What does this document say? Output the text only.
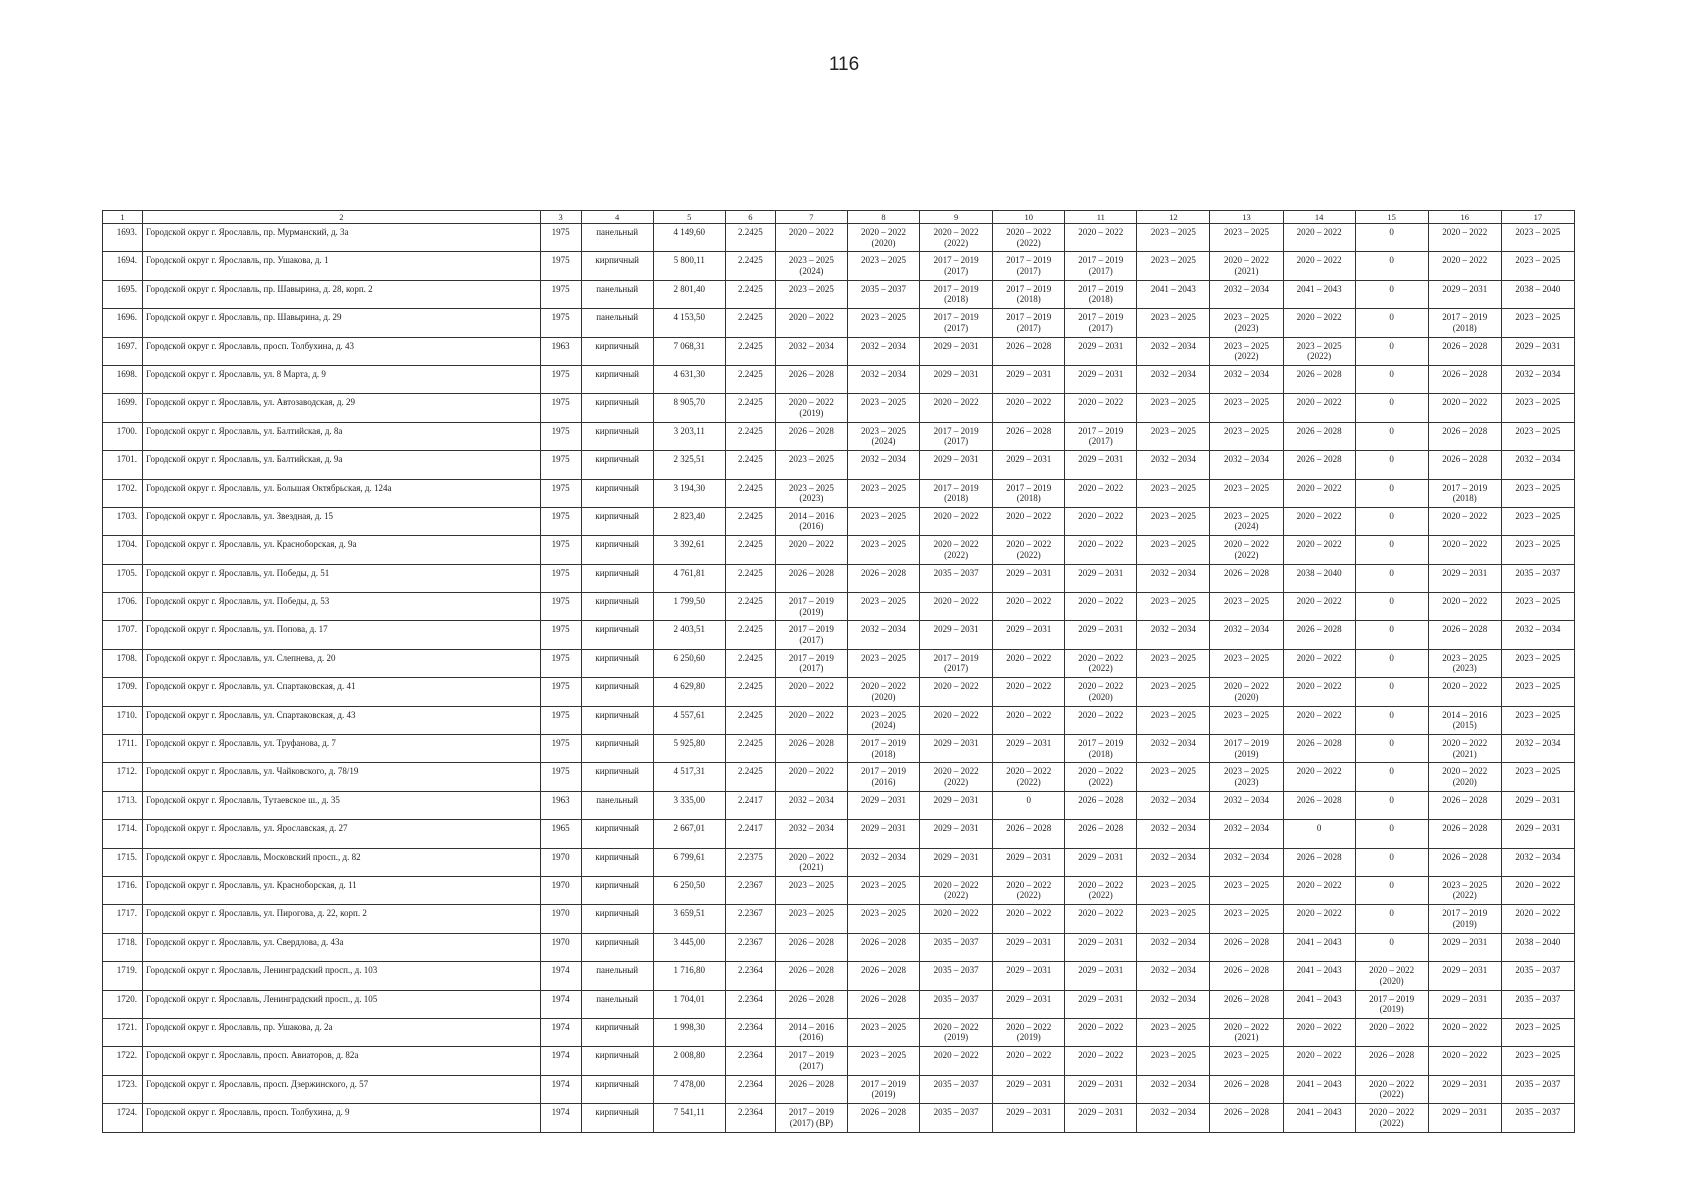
116
1	2	3	4	5	6	7	8	9	10	11	12	13	14	15	16	17
1693.	Городской округ г. Ярославль, пр. Мурманский, д. 3а	1975	панельный	4 149,60	2.2425	2020 – 2022	2020 – 2022
(2020)	2020 – 2022
(2022)	2020 – 2022
(2022)	2020 – 2022	2023 – 2025	2023 – 2025	2020 – 2022	0	2020 – 2022	2023 – 2025
1694.	Городской округ г. Ярославль, пр. Ушакова, д. 1	1975	кирпичный	5 800,11	2.2425	2023 – 2025
(2024)	2023 – 2025	2017 – 2019
(2017)	2017 – 2019
(2017)	2017 – 2019
(2017)	2023 – 2025	2020 – 2022
(2021)	2020 – 2022	0	2020 – 2022	2023 – 2025
1695.	Городской округ г. Ярославль, пр. Шавырина, д. 28, корп. 2	1975	панельный	2 801,40	2.2425	2023 – 2025	2035 – 2037	2017 – 2019
(2018)	2017 – 2019
(2018)	2017 – 2019
(2018)	2041 – 2043	2032 – 2034	2041 – 2043	0	2029 – 2031	2038 – 2040
1696.	Городской округ г. Ярославль, пр. Шавырина, д. 29	1975	панельный	4 153,50	2.2425	2020 – 2022	2023 – 2025	2017 – 2019
(2017)	2017 – 2019
(2017)	2017 – 2019
(2017)	2023 – 2025	2023 – 2025
(2023)	2020 – 2022	0	2017 – 2019
(2018)	2023 – 2025
1697.	Городской округ г. Ярославль, просп. Толбухина, д. 43	1963	кирпичный	7 068,31	2.2425	2032 – 2034	2032 – 2034	2029 – 2031	2026 – 2028	2029 – 2031	2032 – 2034	2023 – 2025
(2022)	2023 – 2025
(2022)	0	2026 – 2028	2029 – 2031
1698.	Городской округ г. Ярославль, ул. 8 Марта, д. 9	1975	кирпичный	4 631,30	2.2425	2026 – 2028	2032 – 2034	2029 – 2031	2029 – 2031	2029 – 2031	2032 – 2034	2032 – 2034	2026 – 2028	0	2026 – 2028	2032 – 2034
1699.	Городской округ г. Ярославль, ул. Автозаводская, д. 29	1975	кирпичный	8 905,70	2.2425	2020 – 2022
(2019)	2023 – 2025	2020 – 2022	2020 – 2022	2020 – 2022	2023 – 2025	2023 – 2025	2020 – 2022	0	2020 – 2022	2023 – 2025
1700.	Городской округ г. Ярославль, ул. Балтийская, д. 8а	1975	кирпичный	3 203,11	2.2425	2026 – 2028	2023 – 2025
(2024)	2017 – 2019
(2017)	2026 – 2028	2017 – 2019
(2017)	2023 – 2025	2023 – 2025	2026 – 2028	0	2026 – 2028	2023 – 2025
1701.	Городской округ г. Ярославль, ул. Балтийская, д. 9а	1975	кирпичный	2 325,51	2.2425	2023 – 2025	2032 – 2034	2029 – 2031	2029 – 2031	2029 – 2031	2032 – 2034	2032 – 2034	2026 – 2028	0	2026 – 2028	2032 – 2034
1702.	Городской округ г. Ярославль, ул. Большая Октябрьская, д. 124а	1975	кирпичный	3 194,30	2.2425	2023 – 2025
(2023)	2023 – 2025	2017 – 2019
(2018)	2017 – 2019
(2018)	2020 – 2022	2023 – 2025	2023 – 2025	2020 – 2022	0	2017 – 2019
(2018)	2023 – 2025
1703.	Городской округ г. Ярославль, ул. Звездная, д. 15	1975	кирпичный	2 823,40	2.2425	2014 – 2016
(2016)	2023 – 2025	2020 – 2022	2020 – 2022	2020 – 2022	2023 – 2025	2023 – 2025
(2024)	2020 – 2022	0	2020 – 2022	2023 – 2025
1704.	Городской округ г. Ярославль, ул. Красноборская, д. 9а	1975	кирпичный	3 392,61	2.2425	2020 – 2022	2023 – 2025	2020 – 2022
(2022)	2020 – 2022
(2022)	2020 – 2022	2023 – 2025	2020 – 2022
(2022)	2020 – 2022	0	2020 – 2022	2023 – 2025
1705.	Городской округ г. Ярославль, ул. Победы, д. 51	1975	кирпичный	4 761,81	2.2425	2026 – 2028	2026 – 2028	2035 – 2037	2029 – 2031	2029 – 2031	2032 – 2034	2026 – 2028	2038 – 2040	0	2029 – 2031	2035 – 2037
1706.	Городской округ г. Ярославль, ул. Победы, д. 53	1975	кирпичный	1 799,50	2.2425	2017 – 2019
(2019)	2023 – 2025	2020 – 2022	2020 – 2022	2020 – 2022	2023 – 2025	2023 – 2025	2020 – 2022	0	2020 – 2022	2023 – 2025
1707.	Городской округ г. Ярославль, ул. Попова, д. 17	1975	кирпичный	2 403,51	2.2425	2017 – 2019
(2017)	2032 – 2034	2029 – 2031	2029 – 2031	2029 – 2031	2032 – 2034	2032 – 2034	2026 – 2028	0	2026 – 2028	2032 – 2034
1708.	Городской округ г. Ярославль, ул. Слепнева, д. 20	1975	кирпичный	6 250,60	2.2425	2017 – 2019
(2017)	2023 – 2025	2017 – 2019
(2017)	2020 – 2022	2020 – 2022
(2022)	2023 – 2025	2023 – 2025	2020 – 2022	0	2023 – 2025
(2023)	2023 – 2025
1709.	Городской округ г. Ярославль, ул. Спартаковская, д. 41	1975	кирпичный	4 629,80	2.2425	2020 – 2022	2020 – 2022
(2020)	2020 – 2022	2020 – 2022	2020 – 2022
(2020)	2023 – 2025	2020 – 2022
(2020)	2020 – 2022	0	2020 – 2022	2023 – 2025
1710.	Городской округ г. Ярославль, ул. Спартаковская, д. 43	1975	кирпичный	4 557,61	2.2425	2020 – 2022	2023 – 2025
(2024)	2020 – 2022	2020 – 2022	2020 – 2022	2023 – 2025	2023 – 2025	2020 – 2022	0	2014 – 2016
(2015)	2023 – 2025
1711.	Городской округ г. Ярославль, ул. Труфанова, д. 7	1975	кирпичный	5 925,80	2.2425	2026 – 2028	2017 – 2019
(2018)	2029 – 2031	2029 – 2031	2017 – 2019
(2018)	2032 – 2034	2017 – 2019
(2019)	2026 – 2028	0	2020 – 2022
(2021)	2032 – 2034
1712.	Городской округ г. Ярославль, ул. Чайковского, д. 78/19	1975	кирпичный	4 517,31	2.2425	2020 – 2022	2017 – 2019
(2016)	2020 – 2022
(2022)	2020 – 2022
(2022)	2020 – 2022
(2022)	2023 – 2025	2023 – 2025
(2023)	2020 – 2022	0	2020 – 2022
(2020)	2023 – 2025
1713.	Городской округ г. Ярославль, Тутаевское ш., д. 35	1963	панельный	3 335,00	2.2417	2032 – 2034	2029 – 2031	2029 – 2031	0	2026 – 2028	2032 – 2034	2032 – 2034	2026 – 2028	0	2026 – 2028	2029 – 2031
1714.	Городской округ г. Ярославль, ул. Ярославская, д. 27	1965	кирпичный	2 667,01	2.2417	2032 – 2034	2029 – 2031	2029 – 2031	2026 – 2028	2026 – 2028	2032 – 2034	2032 – 2034	0	0	2026 – 2028	2029 – 2031
1715.	Городской округ г. Ярославль, Московский просп., д. 82	1970	кирпичный	6 799,61	2.2375	2020 – 2022
(2021)	2032 – 2034	2029 – 2031	2029 – 2031	2029 – 2031	2032 – 2034	2032 – 2034	2026 – 2028	0	2026 – 2028	2032 – 2034
1716.	Городской округ г. Ярославль, ул. Красноборская, д. 11	1970	кирпичный	6 250,50	2.2367	2023 – 2025	2023 – 2025	2020 – 2022
(2022)	2020 – 2022
(2022)	2020 – 2022
(2022)	2023 – 2025	2023 – 2025	2020 – 2022	0	2023 – 2025
(2022)	2020 – 2022
1717.	Городской округ г. Ярославль, ул. Пирогова, д. 22, корп. 2	1970	кирпичный	3 659,51	2.2367	2023 – 2025	2023 – 2025	2020 – 2022	2020 – 2022	2020 – 2022	2023 – 2025	2023 – 2025	2020 – 2022	0	2017 – 2019
(2019)	2020 – 2022
1718.	Городской округ г. Ярославль, ул. Свердлова, д. 43а	1970	кирпичный	3 445,00	2.2367	2026 – 2028	2026 – 2028	2035 – 2037	2029 – 2031	2029 – 2031	2032 – 2034	2026 – 2028	2041 – 2043	0	2029 – 2031	2038 – 2040
1719.	Городской округ г. Ярославль, Ленинградский просп., д. 103	1974	панельный	1 716,80	2.2364	2026 – 2028	2026 – 2028	2035 – 2037	2029 – 2031	2029 – 2031	2032 – 2034	2026 – 2028	2041 – 2043	2020 – 2022
(2020)	2029 – 2031	2035 – 2037
1720.	Городской округ г. Ярославль, Ленинградский просп., д. 105	1974	панельный	1 704,01	2.2364	2026 – 2028	2026 – 2028	2035 – 2037	2029 – 2031	2029 – 2031	2032 – 2034	2026 – 2028	2041 – 2043	2017 – 2019
(2019)	2029 – 2031	2035 – 2037
1721.	Городской округ г. Ярославль, пр. Ушакова, д. 2а	1974	кирпичный	1 998,30	2.2364	2014 – 2016
(2016)	2023 – 2025	2020 – 2022
(2019)	2020 – 2022
(2019)	2020 – 2022	2023 – 2025	2020 – 2022
(2021)	2020 – 2022	2020 – 2022	2020 – 2022	2023 – 2025
1722.	Городской округ г. Ярославль, просп. Авиаторов, д. 82а	1974	кирпичный	2 008,80	2.2364	2017 – 2019
(2017)	2023 – 2025	2020 – 2022	2020 – 2022	2020 – 2022	2023 – 2025	2023 – 2025	2020 – 2022	2026 – 2028	2020 – 2022	2023 – 2025
1723.	Городской округ г. Ярославль, просп. Дзержинского, д. 57	1974	кирпичный	7 478,00	2.2364	2026 – 2028	2017 – 2019
(2019)	2035 – 2037	2029 – 2031	2029 – 2031	2032 – 2034	2026 – 2028	2041 – 2043	2020 – 2022
(2022)	2029 – 2031	2035 – 2037
1724.	Городской округ г. Ярославль, просп. Толбухина, д. 9	1974	кирпичный	7 541,11	2.2364	2017 – 2019
(2017) (ВР)	2026 – 2028	2035 – 2037	2029 – 2031	2029 – 2031	2032 – 2034	2026 – 2028	2041 – 2043	2020 – 2022
(2022)	2029 – 2031	2035 – 2037
